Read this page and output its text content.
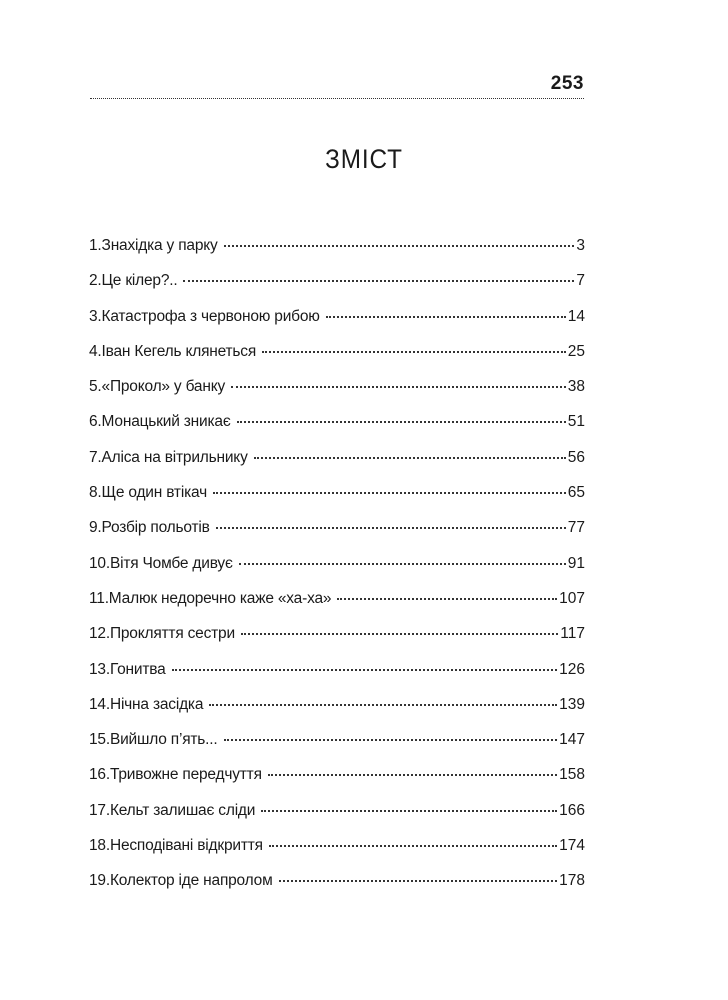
253
ЗМІСТ
1.Знахідка у парку	3
2.Це кілер?..	7
3.Катастрофа з червоною рибою	14
4.Іван Кегель клянеться	25
5.«Прокол» у банку	38
6.Монацький зникає	51
7.Аліса на вітрильнику	56
8.Ще один втікач	65
9.Розбір польотів	77
10.Вітя Чомбе дивує	91
11.Малюк недоречно каже «ха-ха»	107
12.Прокляття сестри	117
13.Гонитва	126
14.Нічна засідка	139
15.Вийшло п’ять...	147
16.Тривожне передчуття	158
17.Кельт залишає сліди	166
18.Несподівані відкриття	174
19.Колектор іде напролом	178
